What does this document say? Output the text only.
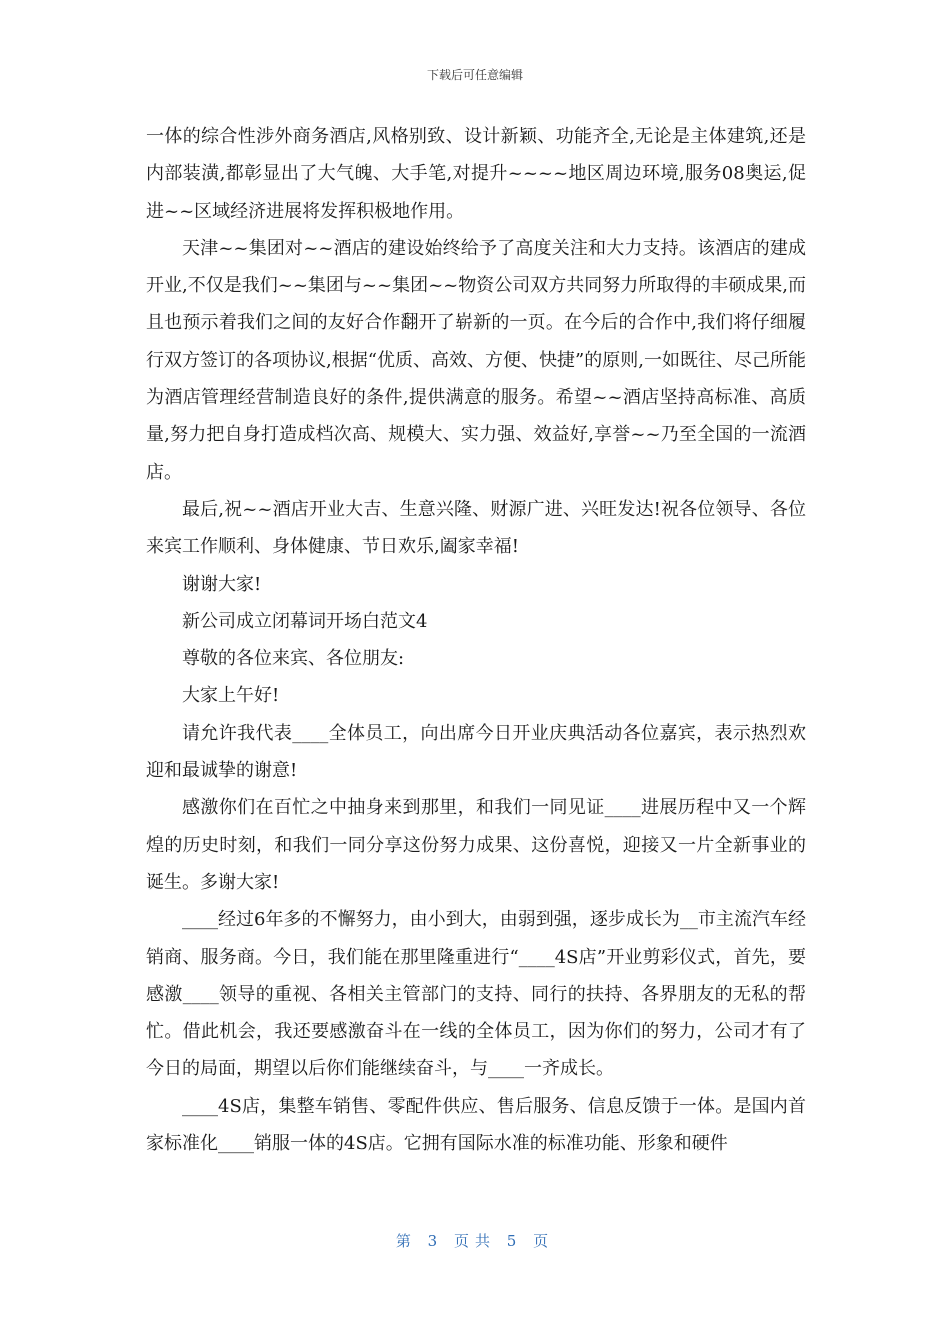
下载后可任意编辑

一体的综合性涉外商务酒店,风格别致、设计新颖、功能齐全,无论是主体建筑,还是内部装潢,都彰显出了大气魄、大手笔,对提升~~~~地区周边环境,服务08奥运,促进~~区域经济进展将发挥积极地作用。

天津~~集团对~~酒店的建设始终给予了高度关注和大力支持。该酒店的建成开业,不仅是我们~~集团与~~集团~~物资公司双方共同努力所取得的丰硕成果,而且也预示着我们之间的友好合作翻开了崭新的一页。在今后的合作中,我们将仔细履行双方签订的各项协议,根据“优质、高效、方便、快捷”的原则,一如既往、尽己所能为酒店管理经营制造良好的条件,提供满意的服务。希望~~酒店坚持高标准、高质量,努力把自身打造成档次高、规模大、实力强、效益好,享誉~~乃至全国的一流酒店。

最后,祝~~酒店开业大吉、生意兴隆、财源广进、兴旺发达!祝各位领导、各位来宾工作顺利、身体健康、节日欢乐,阖家幸福!

谢谢大家!

新公司成立闭幕词开场白范文4

尊敬的各位来宾、各位朋友:

大家上午好!

请允许我代表____全体员工，向出席今日开业庆典活动各位嘉宾，表示热烈欢迎和最诚挚的谢意!

感激你们在百忙之中抽身来到那里，和我们一同见证____进展历程中又一个辉煌的历史时刻，和我们一同分享这份努力成果、这份喜悦，迎接又一片全新事业的诞生。多谢大家!

____经过6年多的不懈努力，由小到大，由弱到强，逐步成长为__市主流汽车经销商、服务商。今日，我们能在那里隆重进行“____4S店”开业剪彩仪式，首先，要感激____领导的重视、各相关主管部门的支持、同行的扶持、各界朋友的无私的帮忙。借此机会，我还要感激奋斗在一线的全体员工，因为你们的努力，公司才有了今日的局面，期望以后你们能继续奋斗，与____一齐成长。

____4S店，集整车销售、零配件供应、售后服务、信息反馈于一体。是国内首家标准化____销服一体的4S店。它拥有国际水准的标准功能、形象和硬件

第 3 页共 5 页
